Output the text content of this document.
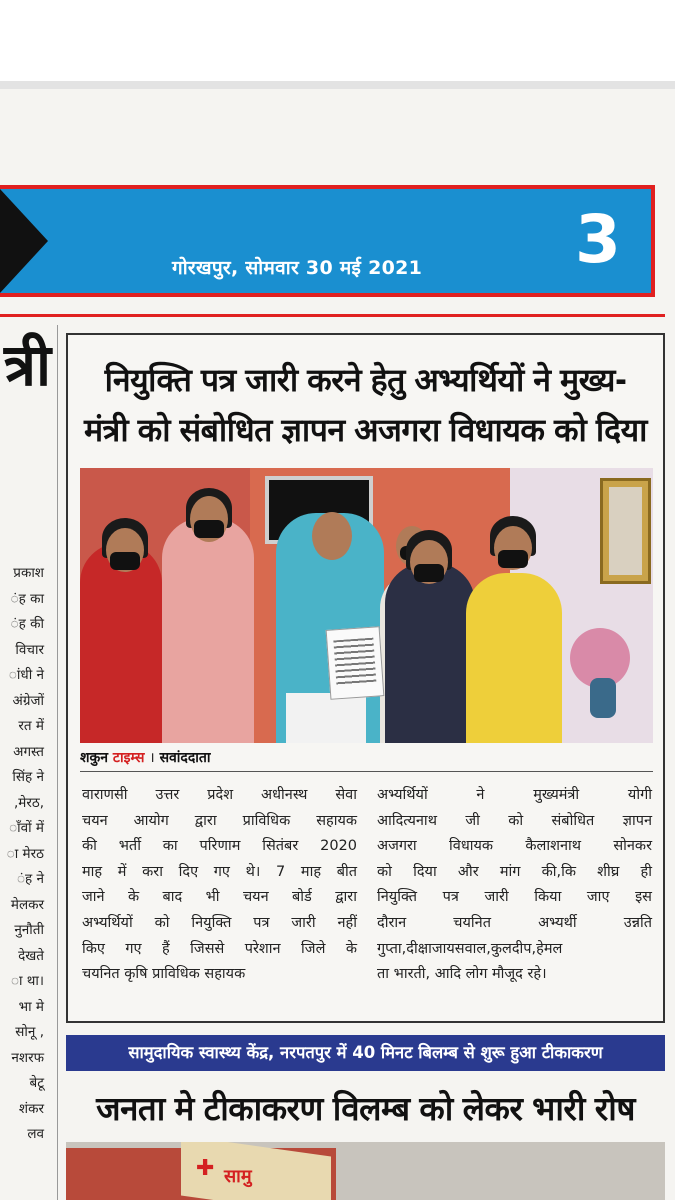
गोरखपुर, सोमवार 30 मई 2021 3
त्री
प्रकाश
ंह का
ंह की
विचार
ांधी ने
अंग्रेजों
रत में
अगस्त
सिंह ने
,मेरठ,
ाँवों में
ा मेरठ
ंह ने
मेलकर
नुनौती
देखते
ा था।
भा मे
सोनू ,
नशरफ
बेटू
शंकर
लव
नियुक्ति पत्र जारी करने हेतु अभ्यर्थियों ने मुख्य-
मंत्री को संबोधित ज्ञापन अजगरा विधायक को दिया
शकुन टाइम्स । सवांददाता
वाराणसी उत्तर प्रदेश अधीनस्थ सेवा
चयन आयोग द्वारा प्राविधिक सहायक
की भर्ती का परिणाम सितंबर 2020
माह में करा दिए गए थे। 7 माह बीत
जाने के बाद भी चयन बोर्ड द्वारा
अभ्यर्थियों को नियुक्ति पत्र जारी नहीं
किए गए हैं जिससे परेशान जिले के
चयनित कृषि प्राविधिक सहायक
अभ्यर्थियों ने मुख्यमंत्री योगी
आदित्यनाथ जी को संबोधित ज्ञापन
अजगरा विधायक कैलाशनाथ सोनकर
को दिया और मांग की,कि शीघ्र ही
नियुक्ति पत्र जारी किया जाए इस
दौरान चयनित अभ्यर्थी उन्नति
गुप्ता,दीक्षाजायसवाल,कुलदीप,हेमल
ता भारती, आदि लोग मौजूद रहे।
सामुदायिक स्वास्थ्य केंद्र, नरपतपुर में 40 मिनट बिलम्ब से शुरू हुआ टीकाकरण
जनता मे टीकाकरण विलम्ब को लेकर भारी रोष
✚ सामु
